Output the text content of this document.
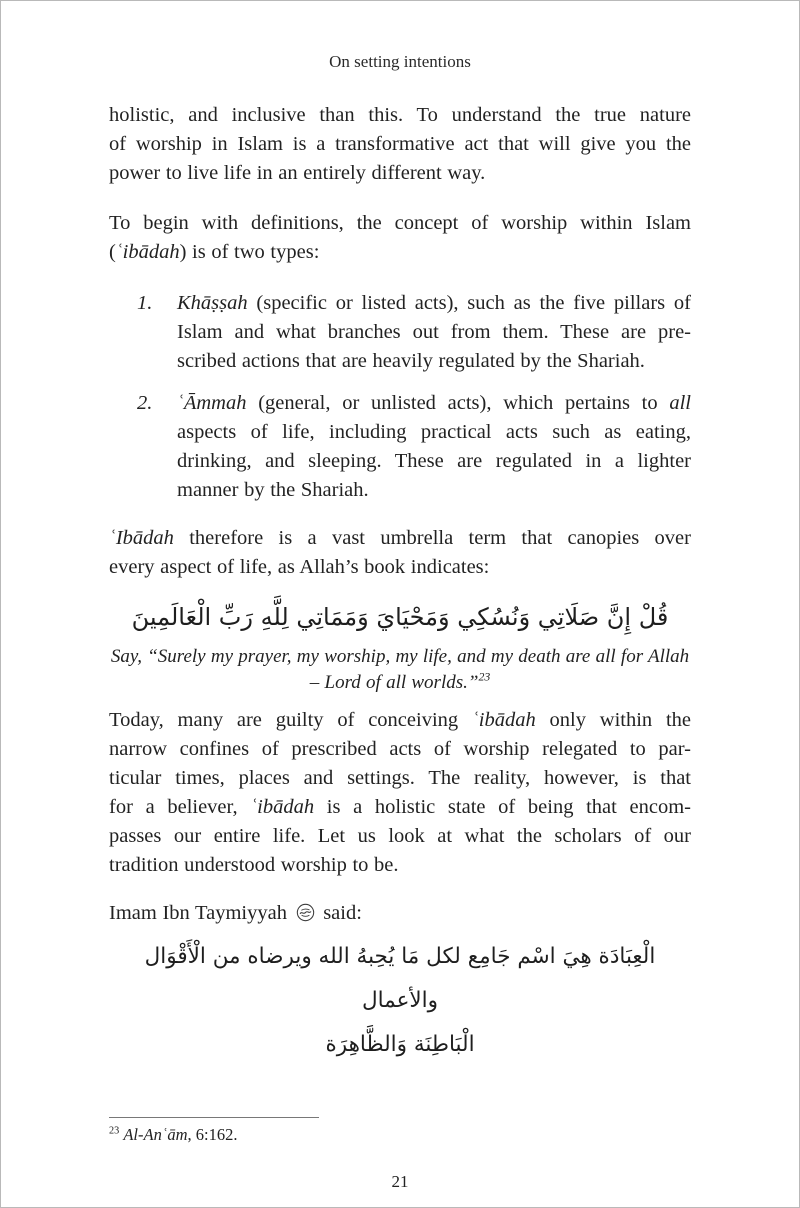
On setting intentions
holistic, and inclusive than this. To understand the true nature
of worship in Islam is a transformative act that will give you the
power to live life in an entirely different way.
To begin with definitions, the concept of worship within Islam
(ʿibādah) is of two types:
1. Khāṣṣah (specific or listed acts), such as the five pillars of
Islam and what branches out from them. These are pre-
scribed actions that are heavily regulated by the Shariah.
2. ʿĀmmah (general, or unlisted acts), which pertains to all
aspects of life, including practical acts such as eating,
drinking, and sleeping. These are regulated in a lighter
manner by the Shariah.
ʿIbādah therefore is a vast umbrella term that canopies over
every aspect of life, as Allah’s book indicates:
قُلْ إِنَّ صَلَاتِي وَنُسُكِي وَمَحْيَايَ وَمَمَاتِي لِلَّهِ رَبِّ الْعَالَمِينَ
Say, “Surely my prayer, my worship, my life, and my death are all for Allah
– Lord of all worlds.”$^{23}$
Today, many are guilty of conceiving ʿibādah only within the
narrow confines of prescribed acts of worship relegated to par-
ticular times, places and settings. The reality, however, is that
for a believer, ʿibādah is a holistic state of being that encom-
passes our entire life. Let us look at what the scholars of our
tradition understood worship to be.
Imam Ibn Taymiyyah said:
الْعِبَادَة هِيَ اسْم جَامِع لكل مَا يُحِبهُ الله ويرضاه من الْأَقْوَال والأعمال
الْبَاطِنَة وَالظَّاهِرَة
$^{23}$ Al-Anʿām, 6:162.
21
